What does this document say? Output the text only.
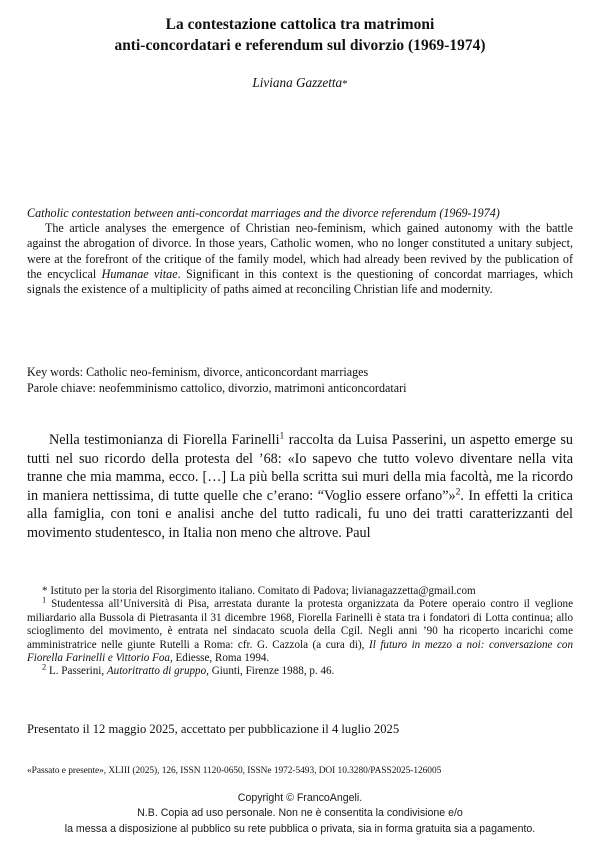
La contestazione cattolica tra matrimoni
anti-concordatari e referendum sul divorzio (1969-1974)
Liviana Gazzetta*

Catholic contestation between anti-concordat marriages and the divorce referendum (1969-1974)

The article analyses the emergence of Christian neo-feminism, which gained autonomy with the battle against the abrogation of divorce. In those years, Catholic women, who no longer constituted a unitary subject, were at the forefront of the critique of the family model, which had already been revived by the publication of the encyclical Humanae vitae. Significant in this context is the questioning of concordat marriages, which signals the existence of a multiplicity of paths aimed at reconciling Christian life and modernity.

Key words: Catholic neo-feminism, divorce, anticoncordant marriages
Parole chiave: neofemminismo cattolico, divorzio, matrimoni anticoncordatari

Nella testimonianza di Fiorella Farinelli$^1$ raccolta da Luisa Passerini, un aspetto emerge su tutti nel suo ricordo della protesta del ’68: «Io sapevo che tutto volevo diventare nella vita tranne che mia mamma, ecco. […] La più bella scritta sui muri della mia facoltà, me la ricordo in maniera nettissima, di tutte quelle che c’erano: “Voglio essere orfano”»$^2$. In effetti la critica alla famiglia, con toni e analisi anche del tutto radicali, fu uno dei tratti caratterizzanti del movimento studentesco, in Italia non meno che altrove. Paul

* Istituto per la storia del Risorgimento italiano. Comitato di Padova; livianagazzetta@gmail.com

$^1$ Studentessa all’Università di Pisa, arrestata durante la protesta organizzata da Potere operaio contro il veglione miliardario alla Bussola di Pietrasanta il 31 dicembre 1968, Fiorella Farinelli è stata tra i fondatori di Lotta continua; allo scioglimento del movimento, è entrata nel sindacato scuola della Cgil. Negli anni ’90 ha ricoperto incarichi come amministratrice nelle giunte Rutelli a Roma: cfr. G. Cazzola (a cura di), Il futuro in mezzo a noi: conversazione con Fiorella Farinelli e Vittorio Foa, Ediesse, Roma 1994.

$^2$ L. Passerini, Autoritratto di gruppo, Giunti, Firenze 1988, p. 46.

Presentato il 12 maggio 2025, accettato per pubblicazione il 4 luglio 2025
«Passato e presente», XLIII (2025), 126, ISSN 1120-0650, ISSNe 1972-5493, DOI 10.3280/PASS2025-126005
Copyright © FrancoAngeli.
N.B. Copia ad uso personale. Non ne è consentita la condivisione e/o
la messa a disposizione al pubblico su rete pubblica o privata, sia in forma gratuita sia a pagamento.
